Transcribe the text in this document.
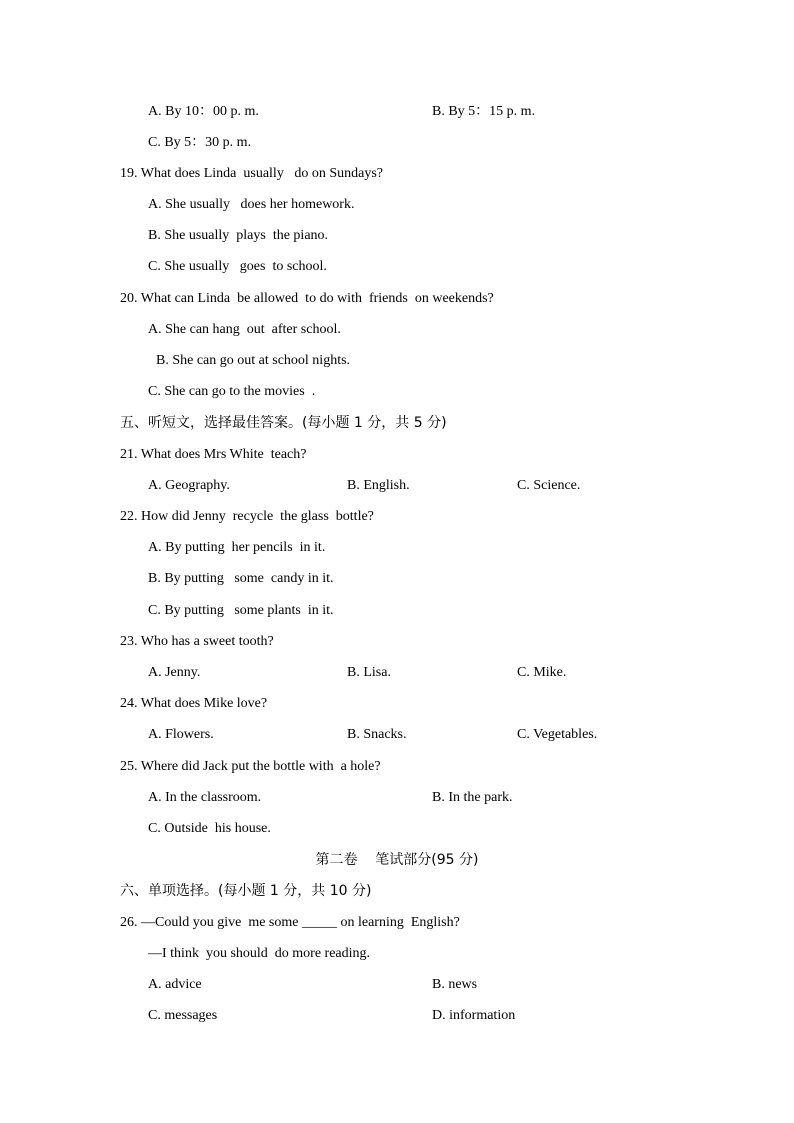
A. By 10：00 p. m.	B. By 5：15 p. m.
C. By 5：30 p. m.
19. What does Linda  usually   do on Sundays?
A. She usually   does her homework.
B. She usually  plays  the piano.
C. She usually   goes  to school.
20. What can Linda  be allowed  to do with  friends  on weekends?
A. She can hang  out  after school.
B. She can go out at school nights.
C. She can go to the movies  .
五、听短文，选择最佳答案。(每小题 1 分，共 5 分)
21. What does Mrs White  teach?
A. Geography.	B. English.	C. Science.
22. How did Jenny  recycle  the glass  bottle?
A. By putting  her pencils  in it.
B. By putting   some  candy in it.
C. By putting   some plants  in it.
23. Who has a sweet tooth?
A. Jenny.	B. Lisa.	C. Mike.
24. What does Mike love?
A. Flowers.	B. Snacks.	C. Vegetables.
25. Where did Jack put the bottle with  a hole?
A. In the classroom.	B. In the park.
C. Outside  his house.
第二卷    笔试部分(95 分)
六、单项选择。(每小题 1 分，共 10 分)
26. —Could you give  me some _____ on learning  English?
—I think  you should  do more reading.
A. advice	B. news
C. messages	D. information
